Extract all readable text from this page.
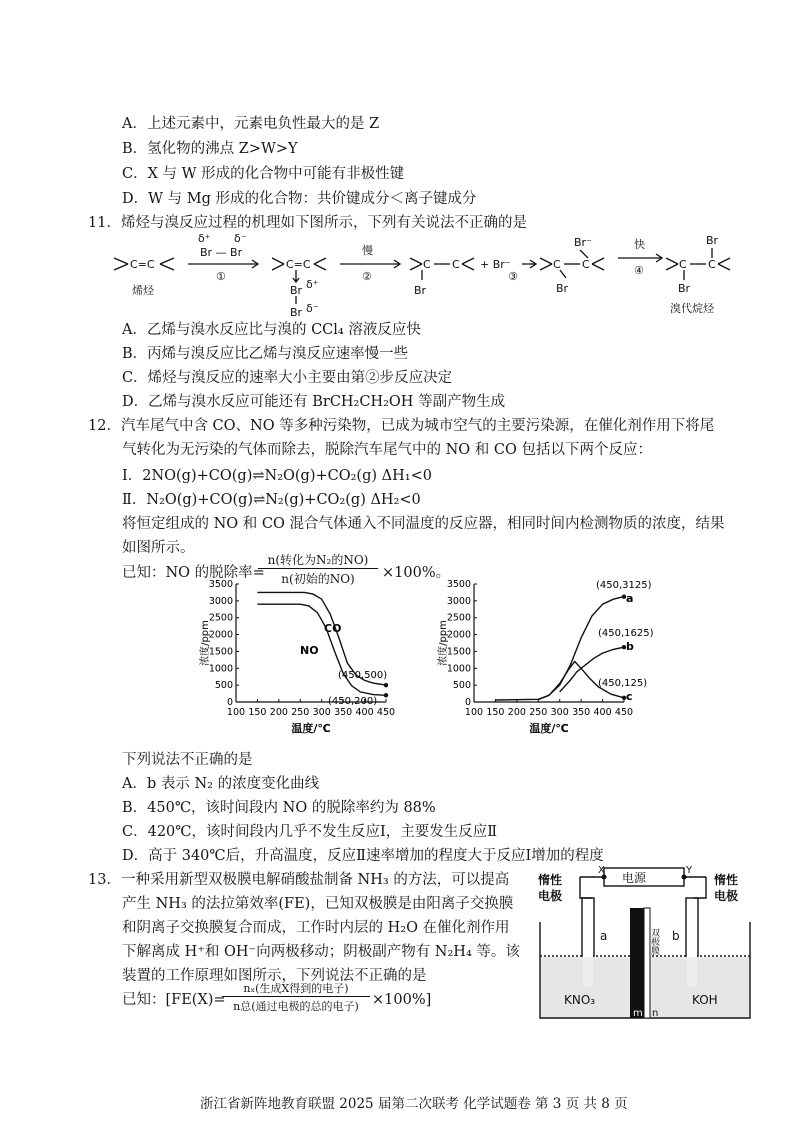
A．上述元素中，元素电负性最大的是 Z
B．氢化物的沸点 Z>W>Y
C．X 与 W 形成的化合物中可能有非极性键
D．W 与 Mg 形成的化合物：共价键成分＜离子键成分
11．烯烃与溴反应过程的机理如下图所示，下列有关说法不正确的是
C=C
烯烃
δ⁺ δ⁻
Br — Br
①
C=C
Br δ⁺
Br δ⁻
慢
②
C C
Br
+ Br⁻
③
C C
Br⁻
Br
快
④	C C
Br
Br
溴代烷烃
A．乙烯与溴水反应比与溴的 CCl₄ 溶液反应快
B．丙烯与溴反应比乙烯与溴反应速率慢一些
C．烯烃与溴反应的速率大小主要由第②步反应决定
D．乙烯与溴水反应可能还有 BrCH₂CH₂OH 等副产物生成
12．汽车尾气中含 CO、NO 等多种污染物，已成为城市空气的主要污染源，在催化剂作用下将尾
气转化为无污染的气体而除去，脱除汽车尾气中的 NO 和 CO 包括以下两个反应：
Ⅰ．2NO(g)+CO(g)⇌N₂O(g)+CO₂(g) ΔH₁<0
Ⅱ．N₂O(g)+CO(g)⇌N₂(g)+CO₂(g) ΔH₂<0
将恒定组成的 NO 和 CO 混合气体通入不同温度的反应器，相同时间内检测物质的浓度，结果
如图所示。
已知：NO 的脱除率=
n(转化为N₂的NO)
n(初始的NO)	×100%。
0
500
1000
1500
2000
2500
3000
3500
100 150 200 250 300 350 400 450
温度/℃
浓度/ppm	CO
NO
(450,500)
(450,200)	0
500
1000
1500
2000
2500
3000
3500
100 150 200 250 300 350 400 450
温度/℃
浓度/ppm
a
b
c
(450,3125)
(450,1625)
(450,125)
下列说法不正确的是
A．b 表示 N₂ 的浓度变化曲线
B．450℃，该时间段内 NO 的脱除率约为 88%
C．420℃，该时间段内几乎不发生反应Ⅰ，主要发生反应Ⅱ
D．高于 340℃后，升高温度，反应Ⅱ速率增加的程度大于反应Ⅰ增加的程度
13．一种采用新型双极膜电解硝酸盐制备 NH₃ 的方法，可以提高
产生 NH₃ 的法拉第效率(FE)，已知双极膜是由阳离子交换膜
和阴离子交换膜复合而成，工作时内层的 H₂O 在催化剂作用
下解离成 H⁺和 OH⁻向两极移动；阴极副产物有 N₂H₄ 等。该
装置的工作原理如图所示，下列说法不正确的是
已知：[FE(X)=
nₓ(生成X得到的电子)
n总(通过电极的总的电子) ×100%]
电源
X	Y
惰性
电极
惰性
电极
a	b
双极膜
KNO₃	KOH
m n
浙江省新阵地教育联盟 2025 届第二次联考 化学试题卷 第 3 页 共 8 页
